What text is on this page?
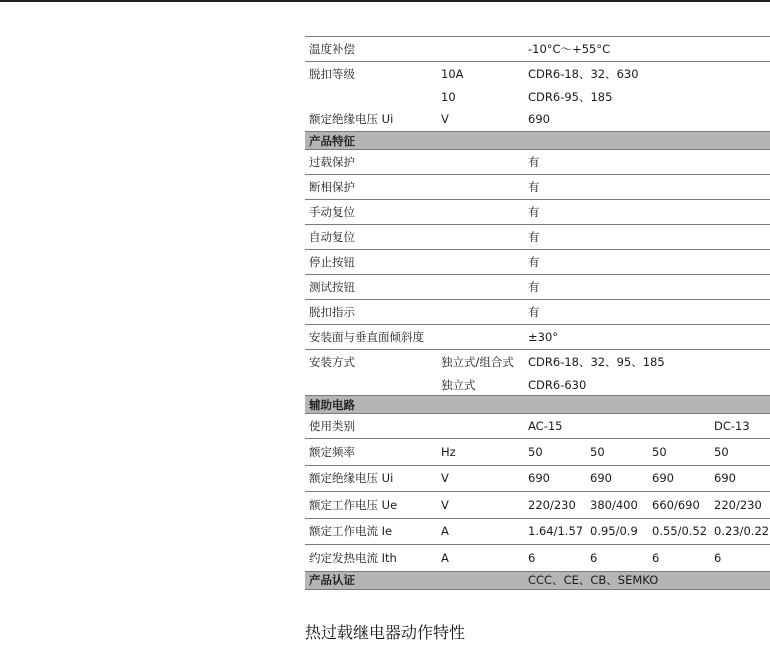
温度补偿		-10°C～+55°C			
脱扣等级	10A	CDR6-18、32、630			
	10	CDR6-95、185			
额定绝缘电压 Ui	V	690			
产品特征					
过载保护		有			
断相保护		有			
手动复位		有			
自动复位		有			
停止按钮		有			
测试按钮		有			
脱扣指示		有			
安装面与垂直面倾斜度		±30°			
安装方式	独立式/组合式	CDR6-18、32、95、185			
	独立式	CDR6-630			
辅助电路					
使用类别		AC-15			DC-13
额定频率	Hz	50	50	50	50
额定绝缘电压 Ui	V	690	690	690	690
额定工作电压 Ue	V	220/230	380/400	660/690	220/230
额定工作电流 Ie	A	1.64/1.57	0.95/0.9	0.55/0.52	0.23/0.22
约定发热电流 Ith	A	6	6	6	6
产品认证		CCC、CE、CB、SEMKO			
热过载继电器动作特性
